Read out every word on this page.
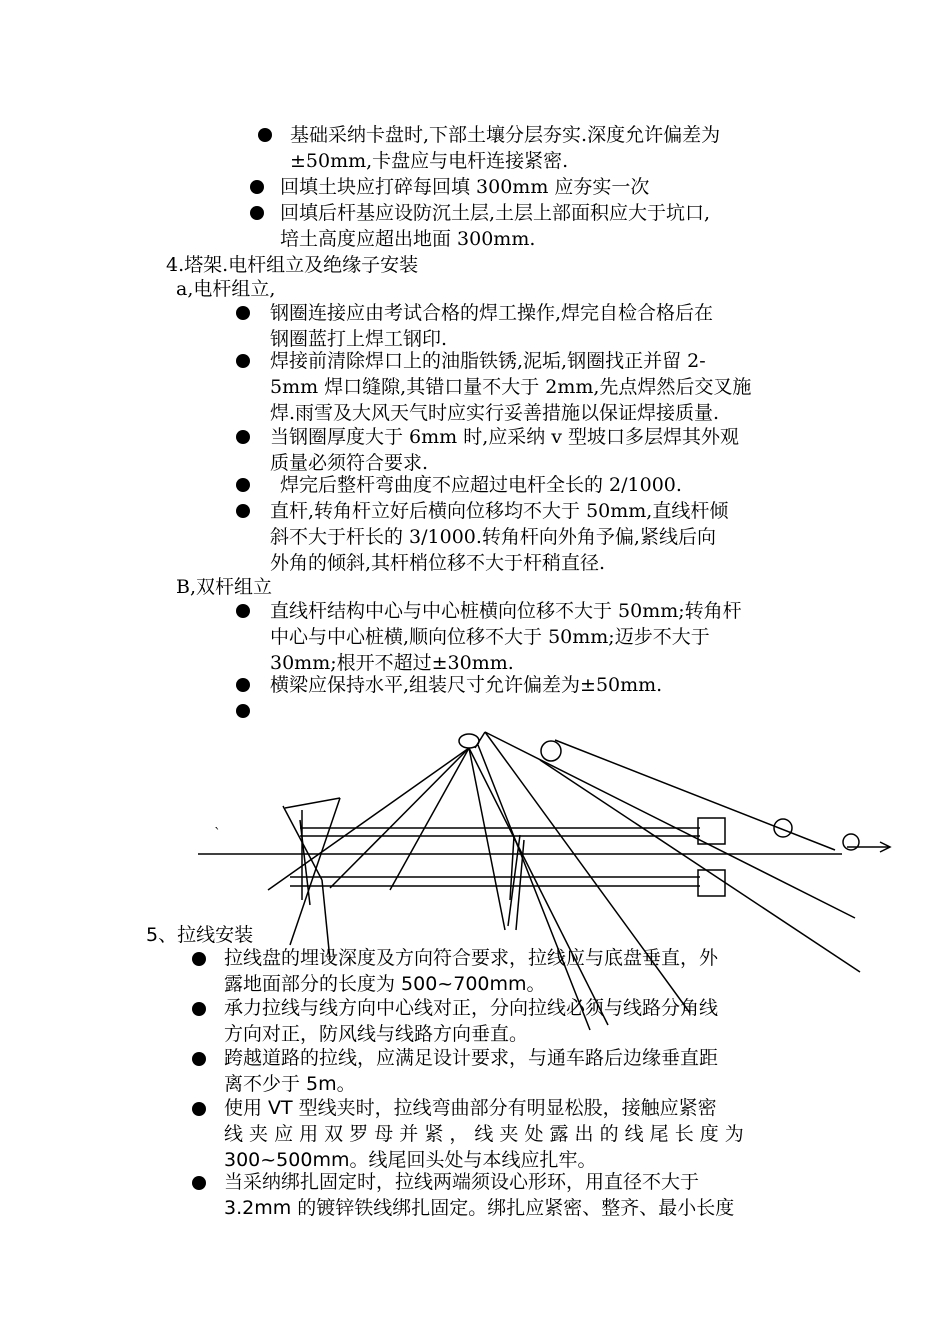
基础采纳卡盘时,下部土壤分层夯实.深度允许偏差为
±50mm,卡盘应与电杆连接紧密.
回填土块应打碎每回填 300mm 应夯实一次
回填后杆基应设防沉土层,土层上部面积应大于坑口,
培土高度应超出地面 300mm.
4.塔架.电杆组立及绝缘子安装
a,电杆组立,
钢圈连接应由考试合格的焊工操作,焊完自检合格后在
钢圈蓝打上焊工钢印.
焊接前清除焊口上的油脂铁锈,泥垢,钢圈找正并留 2-
5mm 焊口缝隙,其错口量不大于 2mm,先点焊然后交叉施
焊.雨雪及大风天气时应实行妥善措施以保证焊接质量.
当钢圈厚度大于 6mm 时,应采纳 v 型坡口多层焊其外观
质量必须符合要求.
焊完后整杆弯曲度不应超过电杆全长的 2/1000.
直杆,转角杆立好后横向位移均不大于 50mm,直线杆倾
斜不大于杆长的 3/1000.转角杆向外角予偏,紧线后向
外角的倾斜,其杆梢位移不大于杆稍直径.
B,双杆组立
直线杆结构中心与中心桩横向位移不大于 50mm;转角杆
中心与中心桩横,顺向位移不大于 50mm;迈步不大于
30mm;根开不超过±30mm.
横梁应保持水平,组装尺寸允许偏差为±50mm.
`
5、拉线安装
拉线盘的埋设深度及方向符合要求，拉线应与底盘垂直，外
露地面部分的长度为 500~700mm。
承力拉线与线方向中心线对正，分向拉线必须与线路分角线
方向对正，防风线与线路方向垂直。
跨越道路的拉线，应满足设计要求，与通车路后边缘垂直距
离不少于 5m。
使用 VT 型线夹时，拉线弯曲部分有明显松股，接触应紧密
线 夹 应 用 双 罗 母 并 紧 ， 线 夹 处 露 出 的 线 尾 长 度 为
300~500mm。线尾回头处与本线应扎牢。
当采纳绑扎固定时，拉线两端须设心形环，用直径不大于
3.2mm 的镀锌铁线绑扎固定。绑扎应紧密、整齐、最小长度
